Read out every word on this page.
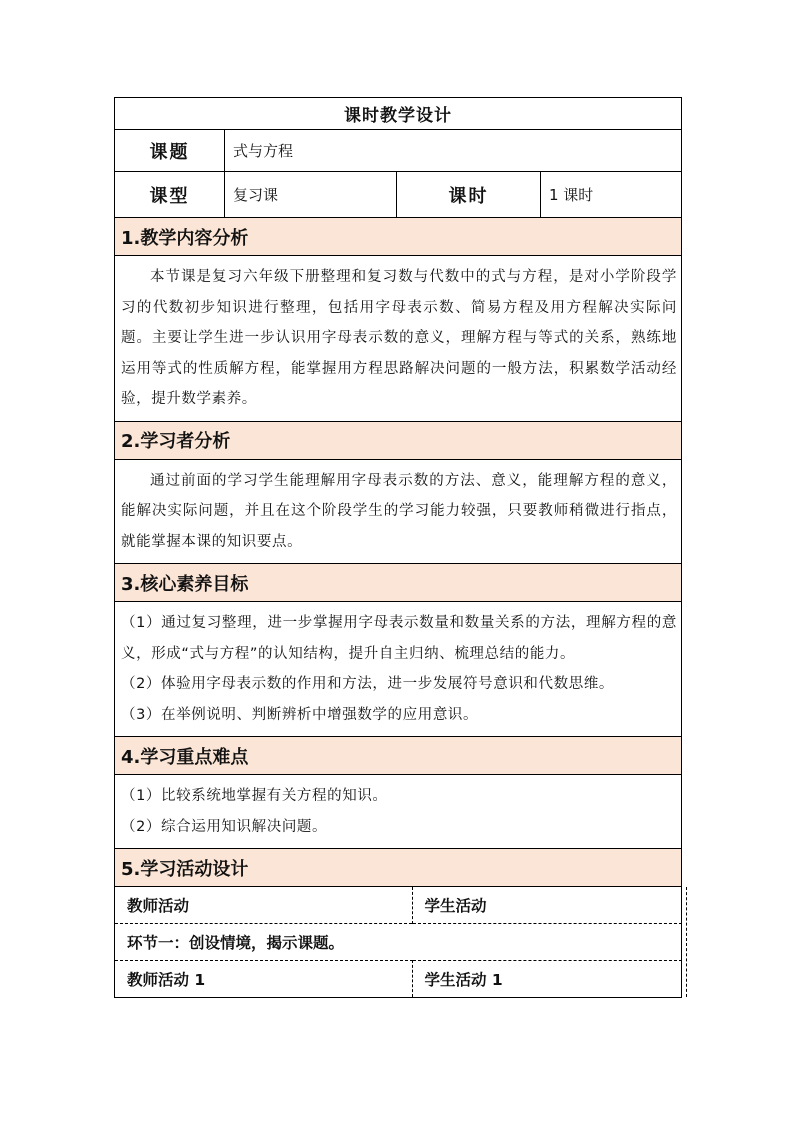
课时教学设计
课题	式与方程
课型	复习课	课时	1 课时
1.教学内容分析
本节课是复习六年级下册整理和复习数与代数中的式与方程，是对小学阶段学习的代数初步知识进行整理，包括用字母表示数、简易方程及用方程解决实际问题。主要让学生进一步认识用字母表示数的意义，理解方程与等式的关系，熟练地运用等式的性质解方程，能掌握用方程思路解决问题的一般方法，积累数学活动经验，提升数学素养。
2.学习者分析
通过前面的学习学生能理解用字母表示数的方法、意义，能理解方程的意义，能解决实际问题，并且在这个阶段学生的学习能力较强，只要教师稍微进行指点，就能掌握本课的知识要点。
3.核心素养目标

（1）通过复习整理，进一步掌握用字母表示数量和数量关系的方法，理解方程的意义，形成“式与方程”的认知结构，提升自主归纳、梳理总结的能力。

（2）体验用字母表示数的作用和方法，进一步发展符号意识和代数思维。

（3）在举例说明、判断辨析中增强数学的应用意识。

4.学习重点难点

（1）比较系统地掌握有关方程的知识。

（2）综合运用知识解决问题。

5.学习活动设计

教师活动	学生活动
环节一：创设情境，揭示课题。
教师活动 1	学生活动 1
